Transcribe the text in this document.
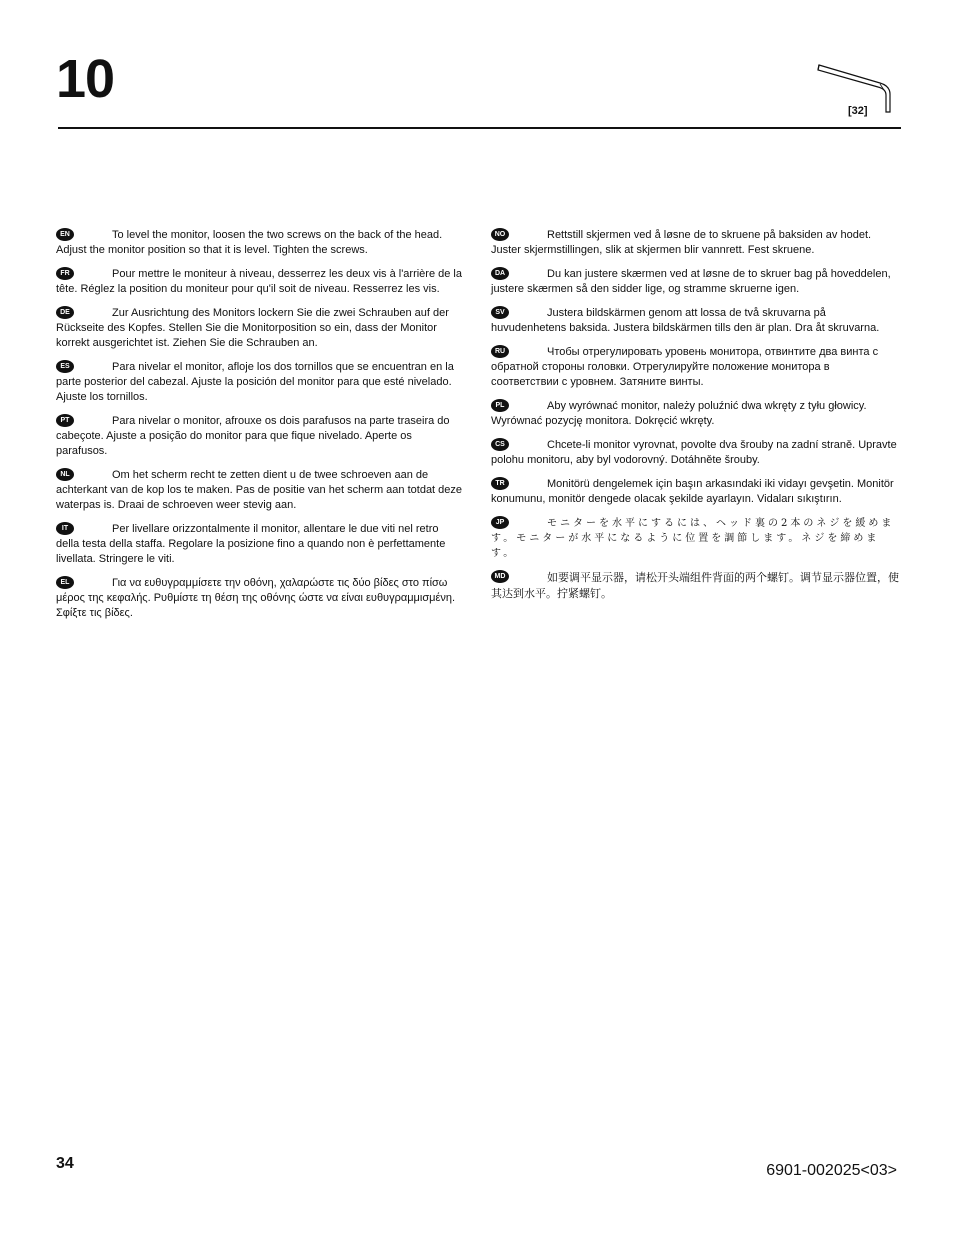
10
[32]
EN	To level the monitor, loosen the two screws on the back of the head. Adjust the monitor position so that it is level. Tighten the screws.
FR	Pour mettre le moniteur à niveau, desserrez les deux vis à l'arrière de la tête. Réglez la position du moniteur pour qu'il soit de niveau. Resserrez les vis.
DE	Zur Ausrichtung des Monitors lockern Sie die zwei Schrauben auf der Rückseite des Kopfes. Stellen Sie die Monitorposition so ein, dass der Monitor korrekt ausgerichtet ist. Ziehen Sie die Schrauben an.
ES	Para nivelar el monitor, afloje los dos tornillos que se encuentran en la parte posterior del cabezal. Ajuste la posición del monitor para que esté nivelado. Ajuste los tornillos.
PT	Para nivelar o monitor, afrouxe os dois parafusos na parte traseira do cabeçote. Ajuste a posição do monitor para que fique nivelado. Aperte os parafusos.
NL	Om het scherm recht te zetten dient u de twee schroeven aan de achterkant van de kop los te maken. Pas de positie van het scherm aan totdat deze waterpas is. Draai de schroeven weer stevig aan.
IT	Per livellare orizzontalmente il monitor, allentare le due viti nel retro della testa della staffa. Regolare la posizione fino a quando non è perfettamente livellata. Stringere le viti.
EL	Για να ευθυγραμμίσετε την οθόνη, χαλαρώστε τις δύο βίδες στο πίσω μέρος της κεφαλής. Ρυθμίστε τη θέση της οθόνης ώστε να είναι ευθυγραμμισμένη. Σφίξτε τις βίδες.
NO	Rettstill skjermen ved å løsne de to skruene på baksiden av hodet. Juster skjermstillingen, slik at skjermen blir vannrett. Fest skruene.
DA	Du kan justere skærmen ved at løsne de to skruer bag på hoveddelen, justere skærmen så den sidder lige, og stramme skruerne igen.
SV	Justera bildskärmen genom att lossa de två skruvarna på huvudenhetens baksida. Justera bildskärmen tills den är plan. Dra åt skruvarna.
RU	Чтобы отрегулировать уровень монитора, отвинтите два винта с обратной стороны головки. Отрегулируйте положение монитора в соответствии с уровнем. Затяните винты.
PL	Aby wyrównać monitor, należy poluźnić dwa wkręty z tyłu głowicy. Wyrównać pozycję monitora. Dokręcić wkręty.
CS	Chcete-li monitor vyrovnat, povolte dva šrouby na zadní straně. Upravte polohu monitoru, aby byl vodorovný. Dotáhněte šrouby.
TR	Monitörü dengelemek için başın arkasındaki iki vidayı gevşetin. Monitör konumunu, monitör dengede olacak şekilde ayarlayın. Vidaları sıkıştırın.
JP	モニターを水平にするには、ヘッド裏の2本のネジを緩めます。モニターが水平になるように位置を調節します。ネジを締めます。
MD	如要调平显示器，请松开头端组件背面的两个螺钉。调节显示器位置，使其达到水平。拧紧螺钉。
34	6901-002025<03>
